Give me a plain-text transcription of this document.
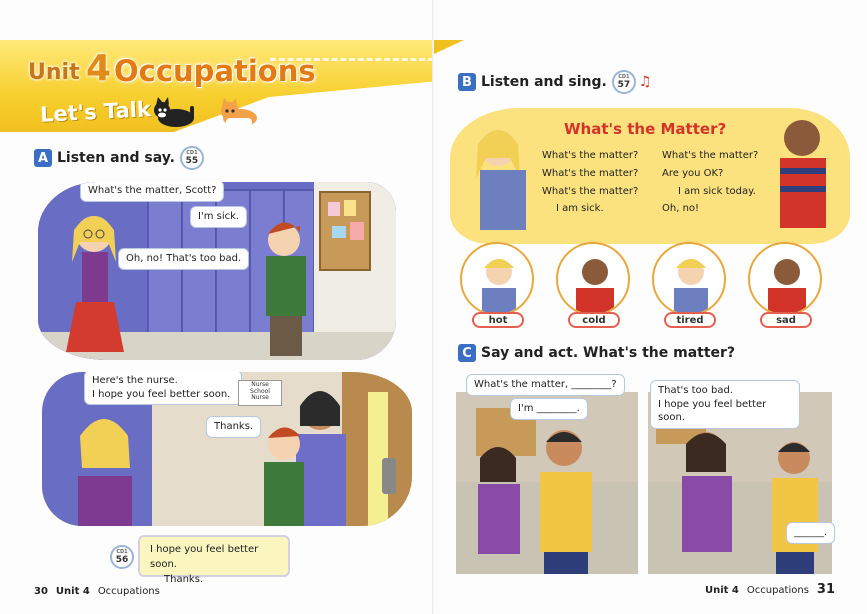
Unit 4 Occupations
Let's Talk
A Listen and say. CD1
55
What's the matter, Scott?
I'm sick.
Oh, no! That's too bad.
Here's the nurse.
I hope you feel better soon.
Thanks.
Nurse
School
Nurse
CD1
56
I hope you feel better soon.
Thanks.
30 Unit 4 Occupations
B Listen and sing. CD1
57 ♫
What's the Matter?
What's the matter?
What's the matter?
What's the matter?
I am sick.
What's the matter?
Are you OK?
I am sick today.
Oh, no!
hot	cold	tired	sad
C Say and act. What's the matter?
What's the matter, ________?
I'm ________.
That's too bad.
I hope you feel better soon.
______.
Unit 4 Occupations 31
